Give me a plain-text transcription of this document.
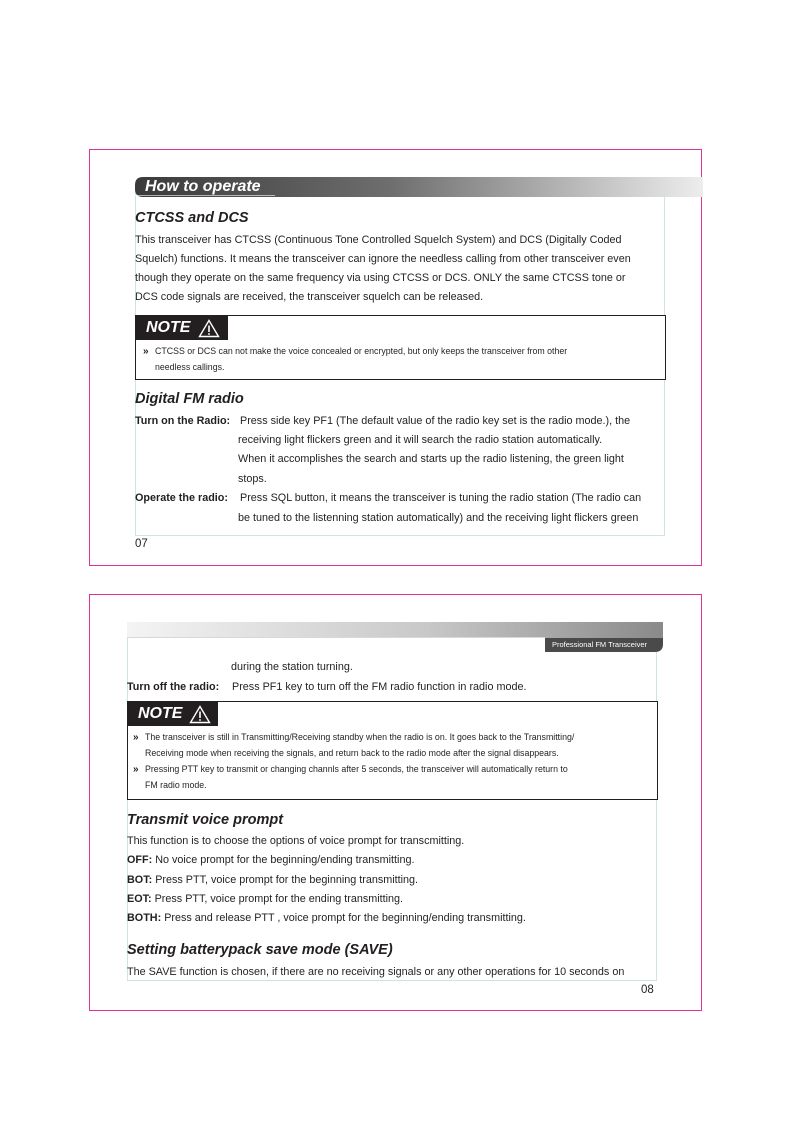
How to operate
CTCSS and DCS
This transceiver has CTCSS (Continuous Tone Controlled Squelch System) and DCS (Digitally Coded
Squelch) functions. It means the transceiver can ignore the needless calling from other transceiver even
though they operate on the same frequency via using CTCSS or DCS. ONLY the same CTCSS tone or
DCS code signals are received, the transceiver squelch can be released.
NOTE
» CTCSS or DCS can not make the voice concealed or encrypted, but only keeps the transceiver from other
needless callings.
Digital FM radio
Turn on the Radio: Press side key PF1 (The default value of the radio key set is the radio mode.), the
receiving light flickers green and it will search the radio station automatically.
When it accomplishes the search and starts up the radio listening, the green light
stops.
Operate the radio: Press SQL button, it means the transceiver is tuning the radio station (The radio can
be tuned to the listenning station automatically) and the receiving light flickers green
07
Professional FM Transceiver
during the station turning.
Turn off the radio: Press PF1 key to turn off the FM radio function in radio mode.
NOTE
» The transceiver is still in Transmitting/Receiving standby when the radio is on. It goes back to the Transmitting/
Receiving mode when receiving the signals, and return back to the radio mode after the signal disappears.
» Pressing PTT key to transmit or changing channls after 5 seconds, the transceiver will automatically return to
FM radio mode.
Transmit voice prompt
This function is to choose the options of voice prompt for transcmitting.
OFF: No voice prompt for the beginning/ending transmitting.
BOT: Press PTT, voice prompt for the beginning transmitting.
EOT: Press PTT, voice prompt for the ending transmitting.
BOTH: Press and release PTT , voice prompt for the beginning/ending transmitting.
Setting batterypack save mode (SAVE)
The SAVE function is chosen, if there are no receiving signals or any other operations for 10 seconds on
08
